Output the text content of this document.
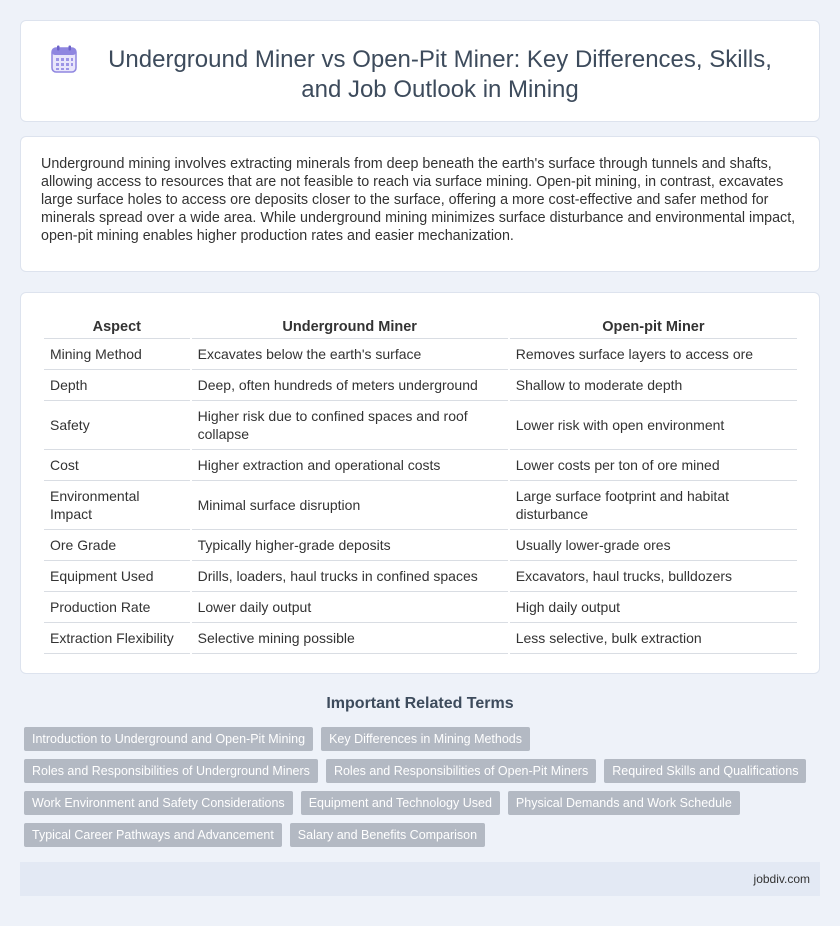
Underground Miner vs Open-Pit Miner: Key Differences, Skills, and Job Outlook in Mining

Underground mining involves extracting minerals from deep beneath the earth's surface through tunnels and shafts, allowing access to resources that are not feasible to reach via surface mining. Open-pit mining, in contrast, excavates large surface holes to access ore deposits closer to the surface, offering a more cost-effective and safer method for minerals spread over a wide area. While underground mining minimizes surface disturbance and environmental impact, open-pit mining enables higher production rates and easier mechanization.

Aspect	Underground Miner	Open-pit Miner
Mining Method	Excavates below the earth's surface	Removes surface layers to access ore
Depth	Deep, often hundreds of meters underground	Shallow to moderate depth
Safety	Higher risk due to confined spaces and roof collapse	Lower risk with open environment
Cost	Higher extraction and operational costs	Lower costs per ton of ore mined
Environmental Impact	Minimal surface disruption	Large surface footprint and habitat disturbance
Ore Grade	Typically higher-grade deposits	Usually lower-grade ores
Equipment Used	Drills, loaders, haul trucks in confined spaces	Excavators, haul trucks, bulldozers
Production Rate	Lower daily output	High daily output
Extraction Flexibility	Selective mining possible	Less selective, bulk extraction
Important Related Terms
Introduction to Underground and Open-Pit Mining	Key Differences in Mining Methods
Roles and Responsibilities of Underground Miners	Roles and Responsibilities of Open-Pit Miners	Required Skills and Qualifications
Work Environment and Safety Considerations	Equipment and Technology Used	Physical Demands and Work Schedule
Typical Career Pathways and Advancement	Salary and Benefits Comparison
jobdiv.com
